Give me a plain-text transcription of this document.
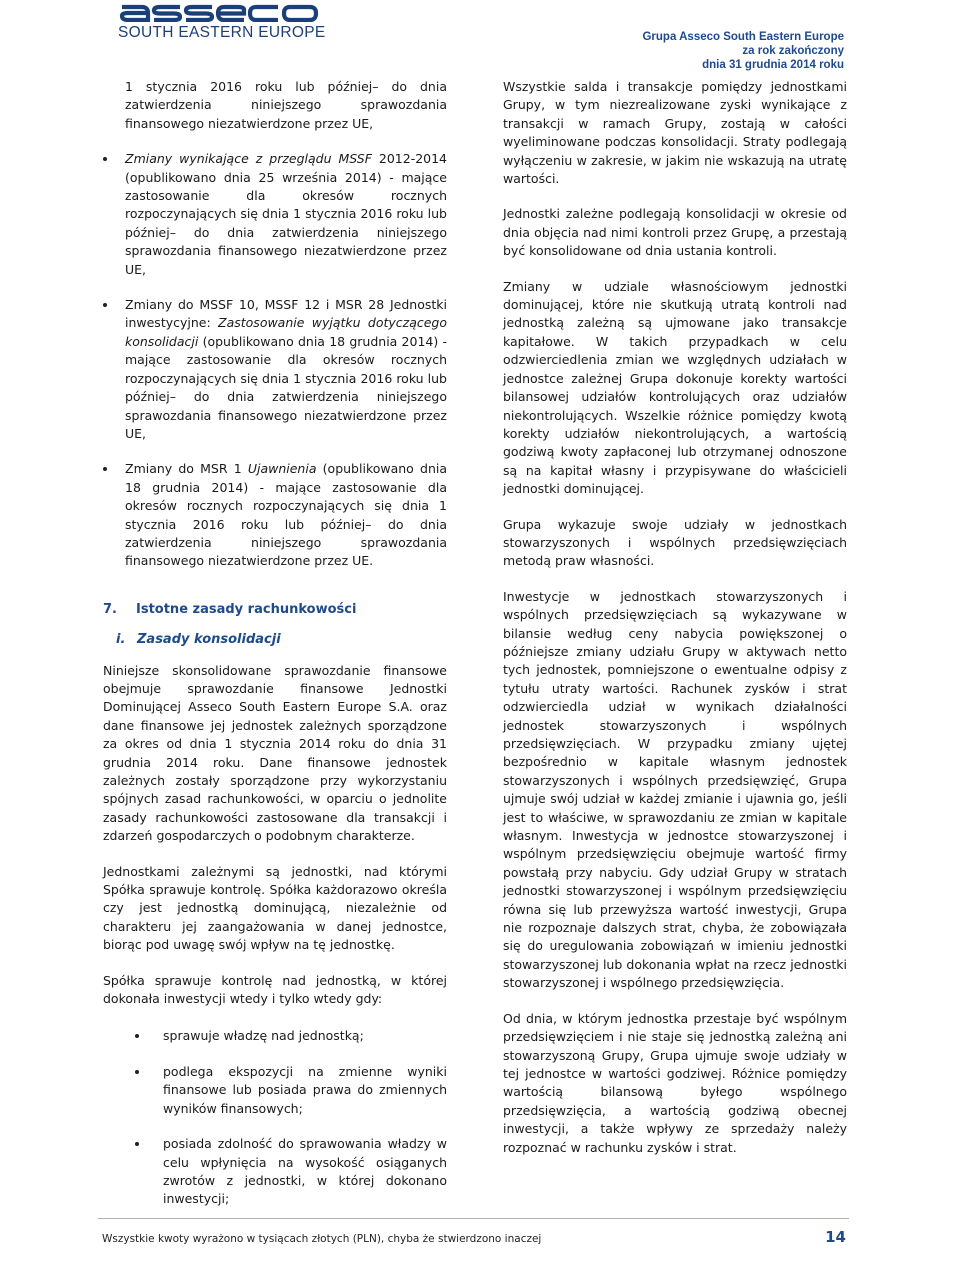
SOUTH EASTERN EUROPE	Grupa Asseco South Eastern Europe
za rok zakończony
dnia 31 grudnia 2014 roku

1 stycznia 2016 roku lub później– do dnia zatwierdzenia niniejszego sprawozdania finansowego niezatwierdzone przez UE,

Zmiany wynikające z przeglądu MSSF 2012-2014 (opublikowano dnia 25 września 2014) - mające zastosowanie dla okresów rocznych rozpoczynających się dnia 1 stycznia 2016 roku lub później– do dnia zatwierdzenia niniejszego sprawozdania finansowego niezatwierdzone przez UE,
Zmiany do MSSF 10, MSSF 12 i MSR 28 Jednostki inwestycyjne: Zastosowanie wyjątku dotyczącego konsolidacji (opublikowano dnia 18 grudnia 2014) - mające zastosowanie dla okresów rocznych rozpoczynających się dnia 1 stycznia 2016 roku lub później– do dnia zatwierdzenia niniejszego sprawozdania finansowego niezatwierdzone przez UE,
Zmiany do MSR 1 Ujawnienia (opublikowano dnia 18 grudnia 2014) - mające zastosowanie dla okresów rocznych rozpoczynających się dnia 1 stycznia 2016 roku lub później– do dnia zatwierdzenia niniejszego sprawozdania finansowego niezatwierdzone przez UE.
7. Istotne zasady rachunkowości
i. Zasady konsolidacji

Niniejsze skonsolidowane sprawozdanie finansowe obejmuje sprawozdanie finansowe Jednostki Dominującej Asseco South Eastern Europe S.A. oraz dane finansowe jej jednostek zależnych sporządzone za okres od dnia 1 stycznia 2014 roku do dnia 31 grudnia 2014 roku. Dane finansowe jednostek zależnych zostały sporządzone przy wykorzystaniu spójnych zasad rachunkowości, w oparciu o jednolite zasady rachunkowości zastosowane dla transakcji i zdarzeń gospodarczych o podobnym charakterze.

Jednostkami zależnymi są jednostki, nad którymi Spółka sprawuje kontrolę. Spółka każdorazowo określa czy jest jednostką dominującą, niezależnie od charakteru jej zaangażowania w danej jednostce, biorąc pod uwagę swój wpływ na tę jednostkę.

Spółka sprawuje kontrolę nad jednostką, w której dokonała inwestycji wtedy i tylko wtedy gdy:

sprawuje władzę nad jednostką;
podlega ekspozycji na zmienne wyniki finansowe lub posiada prawa do zmiennych wyników finansowych;
posiada zdolność do sprawowania władzy w celu wpłynięcia na wysokość osiąganych zwrotów z jednostki, w której dokonano inwestycji;

Wszystkie salda i transakcje pomiędzy jednostkami Grupy, w tym niezrealizowane zyski wynikające z transakcji w ramach Grupy, zostają w całości wyeliminowane podczas konsolidacji. Straty podlegają wyłączeniu w zakresie, w jakim nie wskazują na utratę wartości.

Jednostki zależne podlegają konsolidacji w okresie od dnia objęcia nad nimi kontroli przez Grupę, a przestają być konsolidowane od dnia ustania kontroli.

Zmiany w udziale własnościowym jednostki dominującej, które nie skutkują utratą kontroli nad jednostką zależną są ujmowane jako transakcje kapitałowe. W takich przypadkach w celu odzwierciedlenia zmian we względnych udziałach w jednostce zależnej Grupa dokonuje korekty wartości bilansowej udziałów kontrolujących oraz udziałów niekontrolujących. Wszelkie różnice pomiędzy kwotą korekty udziałów niekontrolujących, a wartością godziwą kwoty zapłaconej lub otrzymanej odnoszone są na kapitał własny i przypisywane do właścicieli jednostki dominującej.

Grupa wykazuje swoje udziały w jednostkach stowarzyszonych i wspólnych przedsięwzięciach metodą praw własności.

Inwestycje w jednostkach stowarzyszonych i wspólnych przedsięwzięciach są wykazywane w bilansie według ceny nabycia powiększonej o późniejsze zmiany udziału Grupy w aktywach netto tych jednostek, pomniejszone o ewentualne odpisy z tytułu utraty wartości. Rachunek zysków i strat odzwierciedla udział w wynikach działalności jednostek stowarzyszonych i wspólnych przedsięwzięciach. W przypadku zmiany ujętej bezpośrednio w kapitale własnym jednostek stowarzyszonych i wspólnych przedsięwzięć, Grupa ujmuje swój udział w każdej zmianie i ujawnia go, jeśli jest to właściwe, w sprawozdaniu ze zmian w kapitale własnym. Inwestycja w jednostce stowarzyszonej i wspólnym przedsięwzięciu obejmuje wartość firmy powstałą przy nabyciu. Gdy udział Grupy w stratach jednostki stowarzyszonej i wspólnym przedsięwzięciu równa się lub przewyższa wartość inwestycji, Grupa nie rozpoznaje dalszych strat, chyba, że zobowiązała się do uregulowania zobowiązań w imieniu jednostki stowarzyszonej lub dokonania wpłat na rzecz jednostki stowarzyszonej i wspólnego przedsięwzięcia.

Od dnia, w którym jednostka przestaje być wspólnym przedsięwzięciem i nie staje się jednostką zależną ani stowarzyszoną Grupy, Grupa ujmuje swoje udziały w tej jednostce w wartości godziwej. Różnice pomiędzy wartością bilansową byłego wspólnego przedsięwzięcia, a wartością godziwą obecnej inwestycji, a także wpływy ze sprzedaży należy rozpoznać w rachunku zysków i strat.

Wszystkie kwoty wyrażono w tysiącach złotych (PLN), chyba że stwierdzono inaczej	14
